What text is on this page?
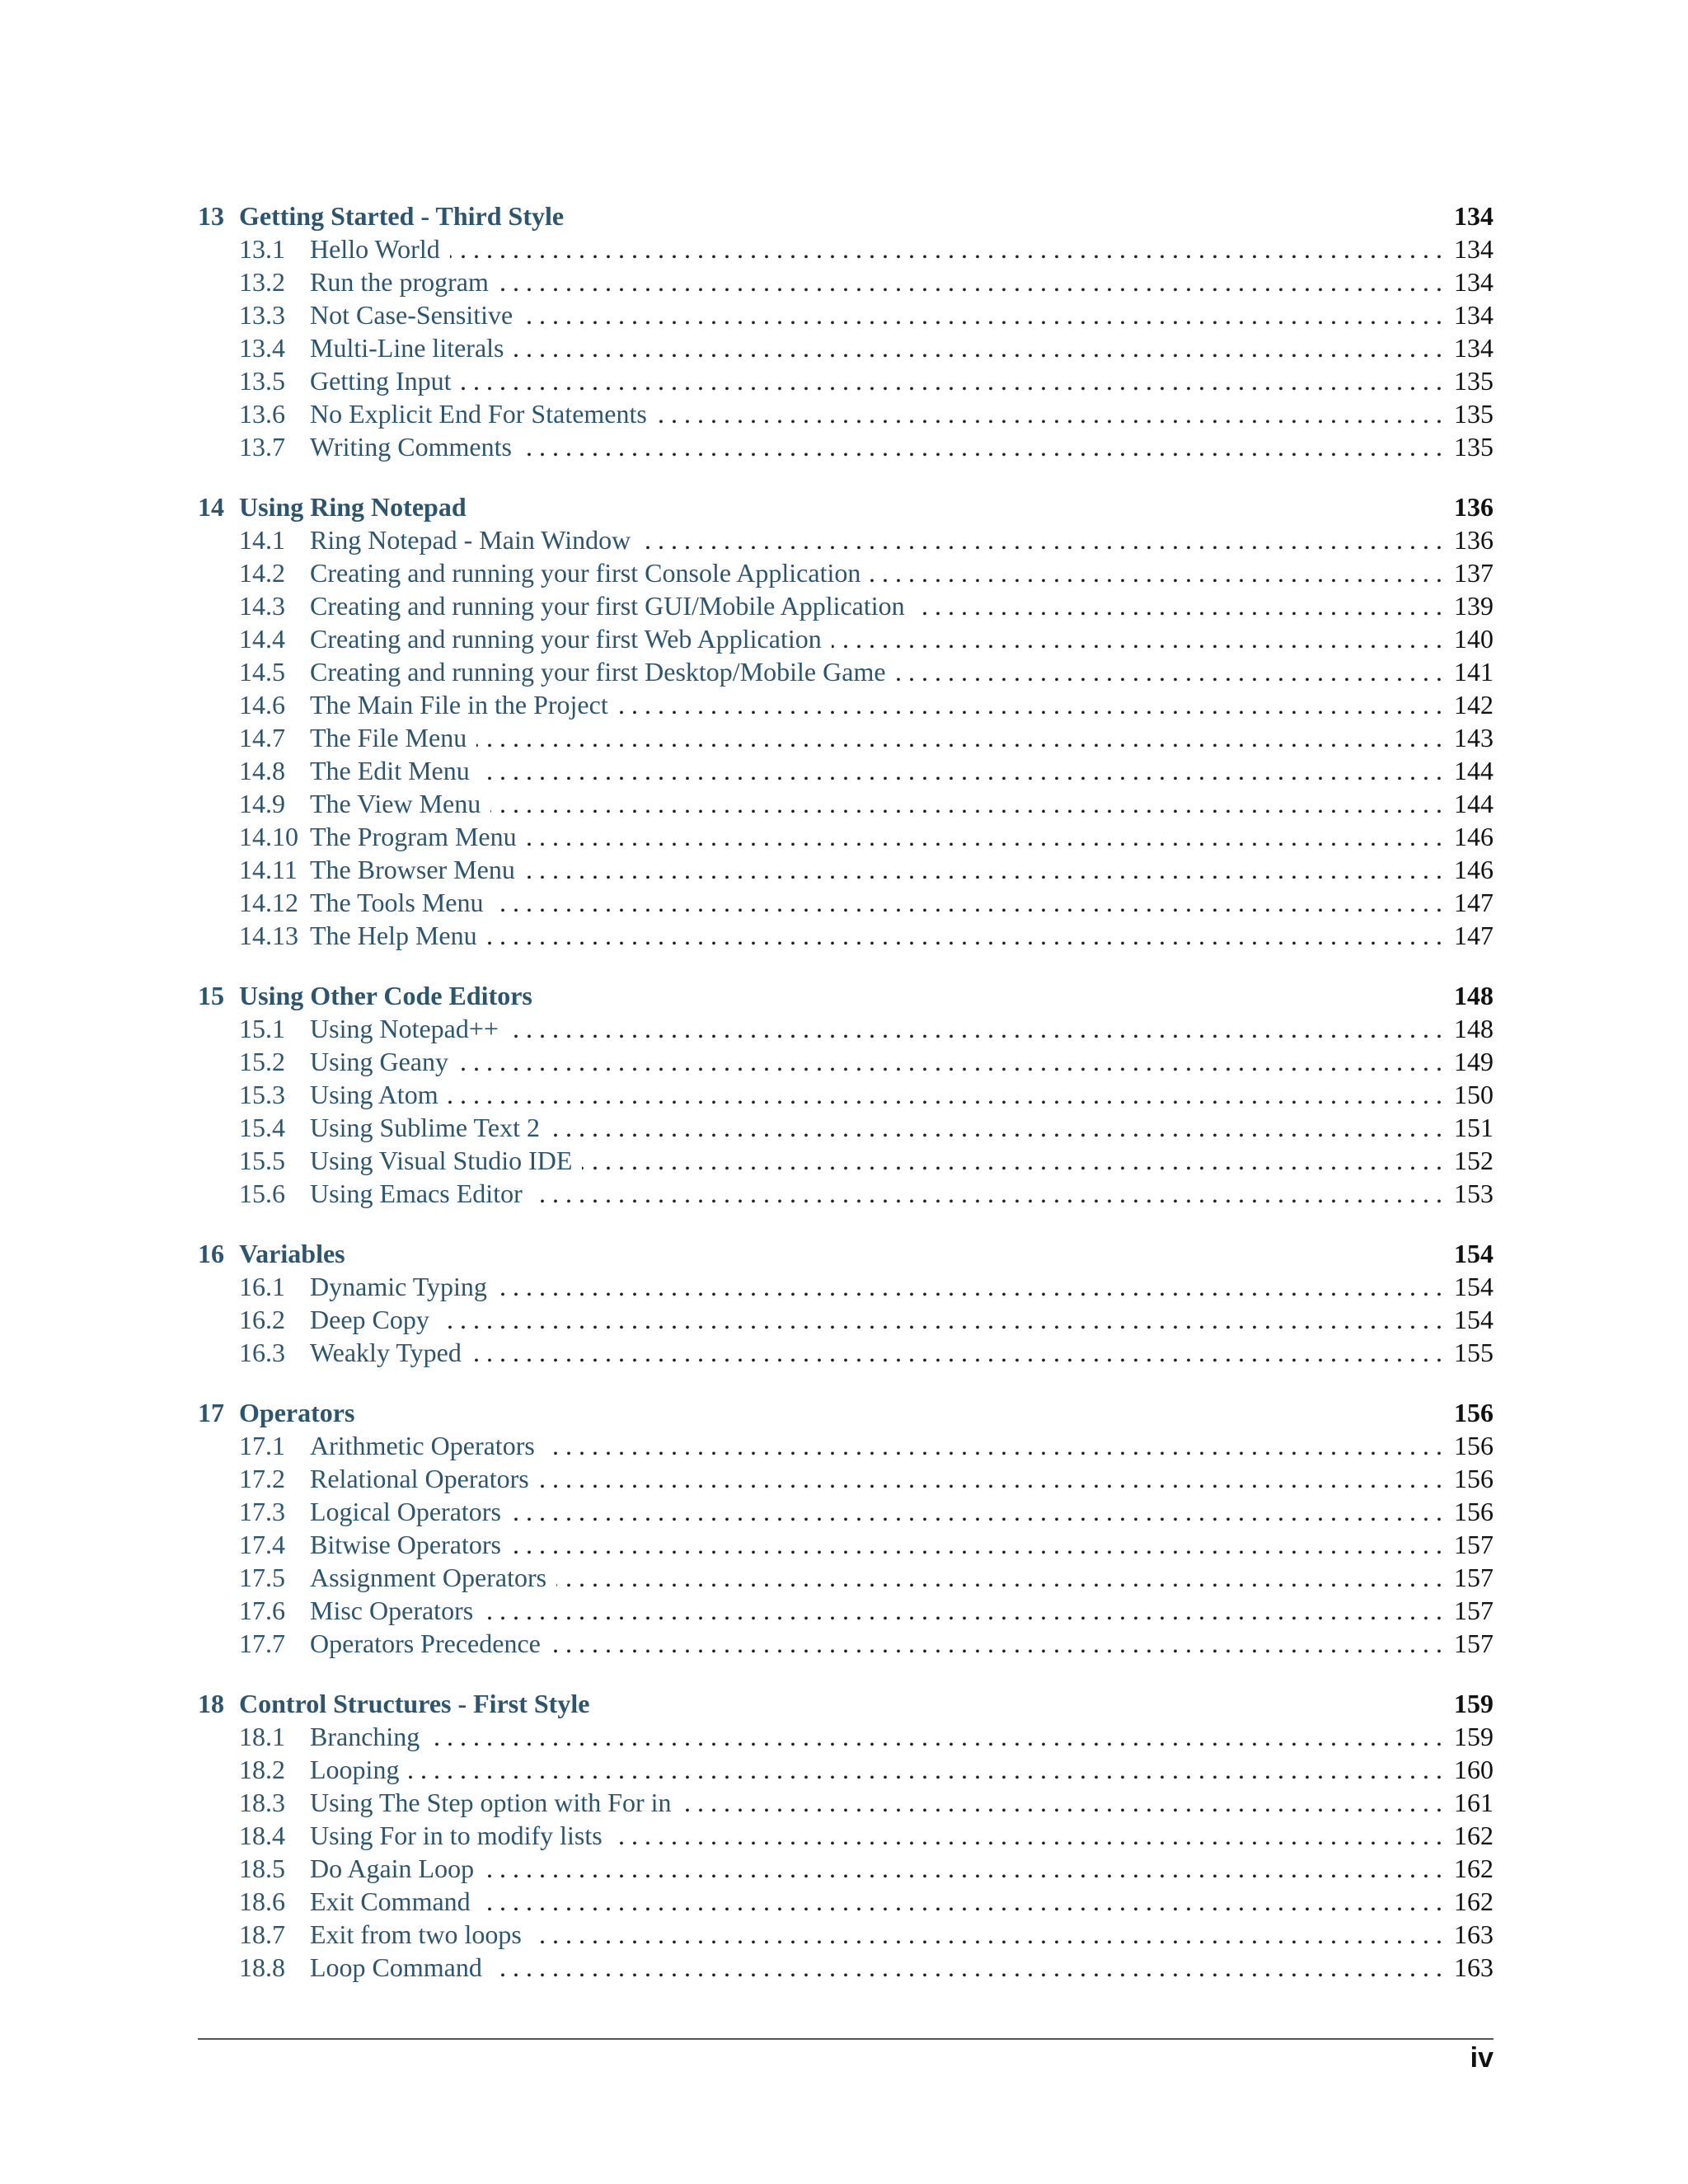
13 Getting Started - Third Style	134
13.1 Hello World . . .	134
13.2 Run the program . . .	134
13.3 Not Case-Sensitive . . .	134
13.4 Multi-Line literals . . .	134
13.5 Getting Input . . .	135
13.6 No Explicit End For Statements . . .	135
13.7 Writing Comments . . .	135
14 Using Ring Notepad	136
14.1 Ring Notepad - Main Window . . .	136
14.2 Creating and running your first Console Application . . .	137
14.3 Creating and running your first GUI/Mobile Application . . .	139
14.4 Creating and running your first Web Application . . .	140
14.5 Creating and running your first Desktop/Mobile Game . . .	141
14.6 The Main File in the Project . . .	142
14.7 The File Menu . . .	143
14.8 The Edit Menu . . .	144
14.9 The View Menu . . .	144
14.10 The Program Menu . . .	146
14.11 The Browser Menu . . .	146
14.12 The Tools Menu . . .	147
14.13 The Help Menu . . .	147
15 Using Other Code Editors	148
15.1 Using Notepad++ . . .	148
15.2 Using Geany . . .	149
15.3 Using Atom . . .	150
15.4 Using Sublime Text 2 . . .	151
15.5 Using Visual Studio IDE . . .	152
15.6 Using Emacs Editor . . .	153
16 Variables	154
16.1 Dynamic Typing . . .	154
16.2 Deep Copy . . .	154
16.3 Weakly Typed . . .	155
17 Operators	156
17.1 Arithmetic Operators . . .	156
17.2 Relational Operators . . .	156
17.3 Logical Operators . . .	156
17.4 Bitwise Operators . . .	157
17.5 Assignment Operators . . .	157
17.6 Misc Operators . . .	157
17.7 Operators Precedence . . .	157
18 Control Structures - First Style	159
18.1 Branching . . .	159
18.2 Looping . . .	160
18.3 Using The Step option with For in . . .	161
18.4 Using For in to modify lists . . .	162
18.5 Do Again Loop . . .	162
18.6 Exit Command . . .	162
18.7 Exit from two loops . . .	163
18.8 Loop Command . . .	163
iv
